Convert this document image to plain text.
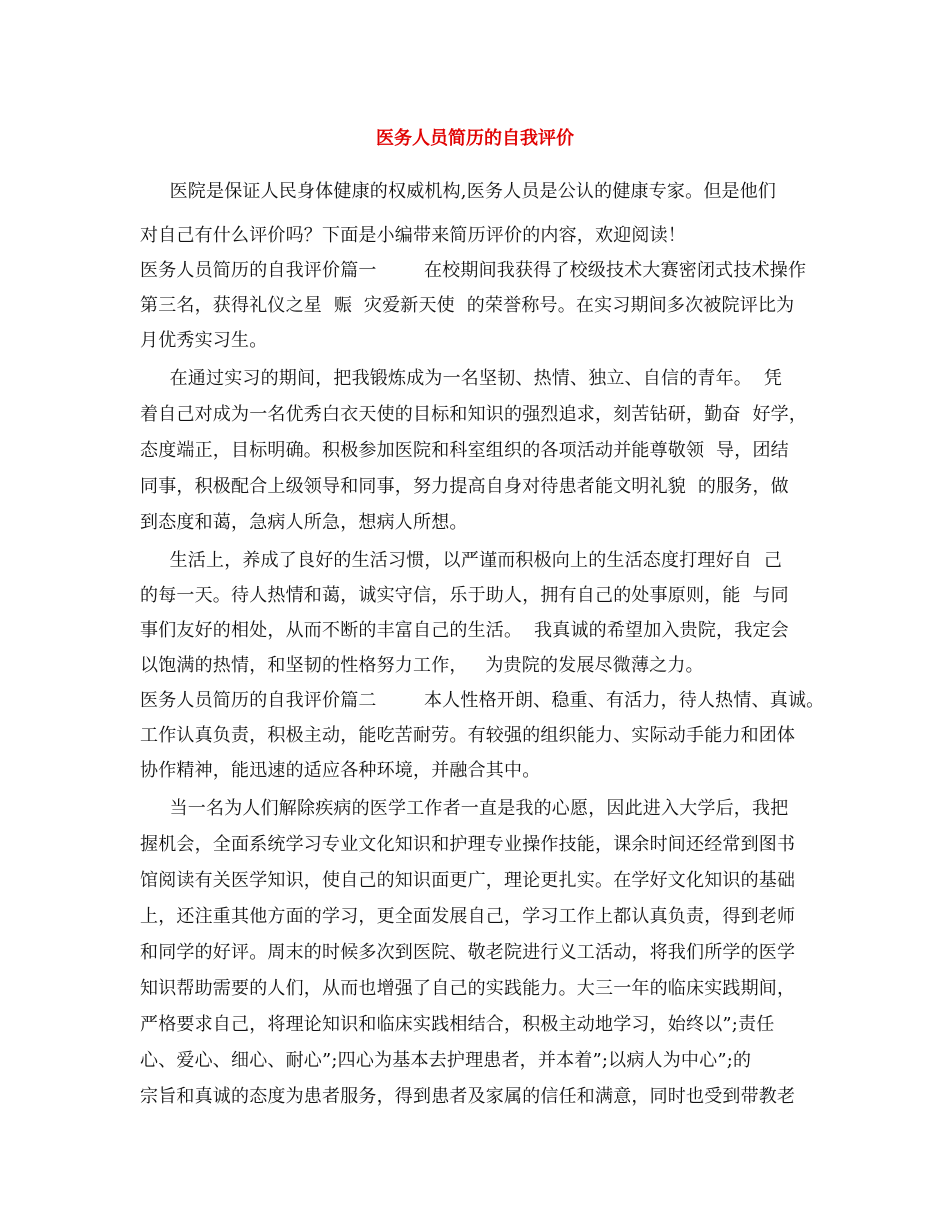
医务人员简历的自我评价
医院是保证人民身体健康的权威机构,医务人员是公认的健康专家。但是他们
对自己有什么评价吗？下面是小编带来简历评价的内容，欢迎阅读！
医务人员简历的自我评价篇一        在校期间我获得了校级技术大赛密闭式技术操作
第三名，获得礼仪之星  赈  灾爱新天使  的荣誉称号。在实习期间多次被院评比为
月优秀实习生。
在通过实习的期间，把我锻炼成为一名坚韧、热情、独立、自信的青年。  凭
着自己对成为一名优秀白衣天使的目标和知识的强烈追求，刻苦钻研，勤奋  好学，
态度端正，目标明确。积极参加医院和科室组织的各项活动并能尊敬领  导，团结
同事，积极配合上级领导和同事，努力提高自身对待患者能文明礼貌  的服务，做
到态度和蔼，急病人所急，想病人所想。
生活上，养成了良好的生活习惯，以严谨而积极向上的生活态度打理好自  己
的每一天。待人热情和蔼，诚实守信，乐于助人，拥有自己的处事原则，能  与同
事们友好的相处，从而不断的丰富自己的生活。  我真诚的希望加入贵院，我定会
以饱满的热情，和坚韧的性格努力工作，   为贵院的发展尽微薄之力。
医务人员简历的自我评价篇二        本人性格开朗、稳重、有活力，待人热情、真诚。
工作认真负责，积极主动，能吃苦耐劳。有较强的组织能力、实际动手能力和团体
协作精神，能迅速的适应各种环境，并融合其中。
当一名为人们解除疾病的医学工作者一直是我的心愿，因此进入大学后，我把
握机会，全面系统学习专业文化知识和护理专业操作技能，课余时间还经常到图书
馆阅读有关医学知识，使自己的知识面更广，理论更扎实。在学好文化知识的基础
上，还注重其他方面的学习，更全面发展自己，学习工作上都认真负责，得到老师
和同学的好评。周末的时候多次到医院、敬老院进行义工活动，将我们所学的医学
知识帮助需要的人们，从而也增强了自己的实践能力。大三一年的临床实践期间，
严格要求自己，将理论知识和临床实践相结合，积极主动地学习，始终以”;责任
心、爱心、细心、耐心”;四心为基本去护理患者，并本着”;以病人为中心”;的
宗旨和真诚的态度为患者服务，得到患者及家属的信任和满意，同时也受到带教老
